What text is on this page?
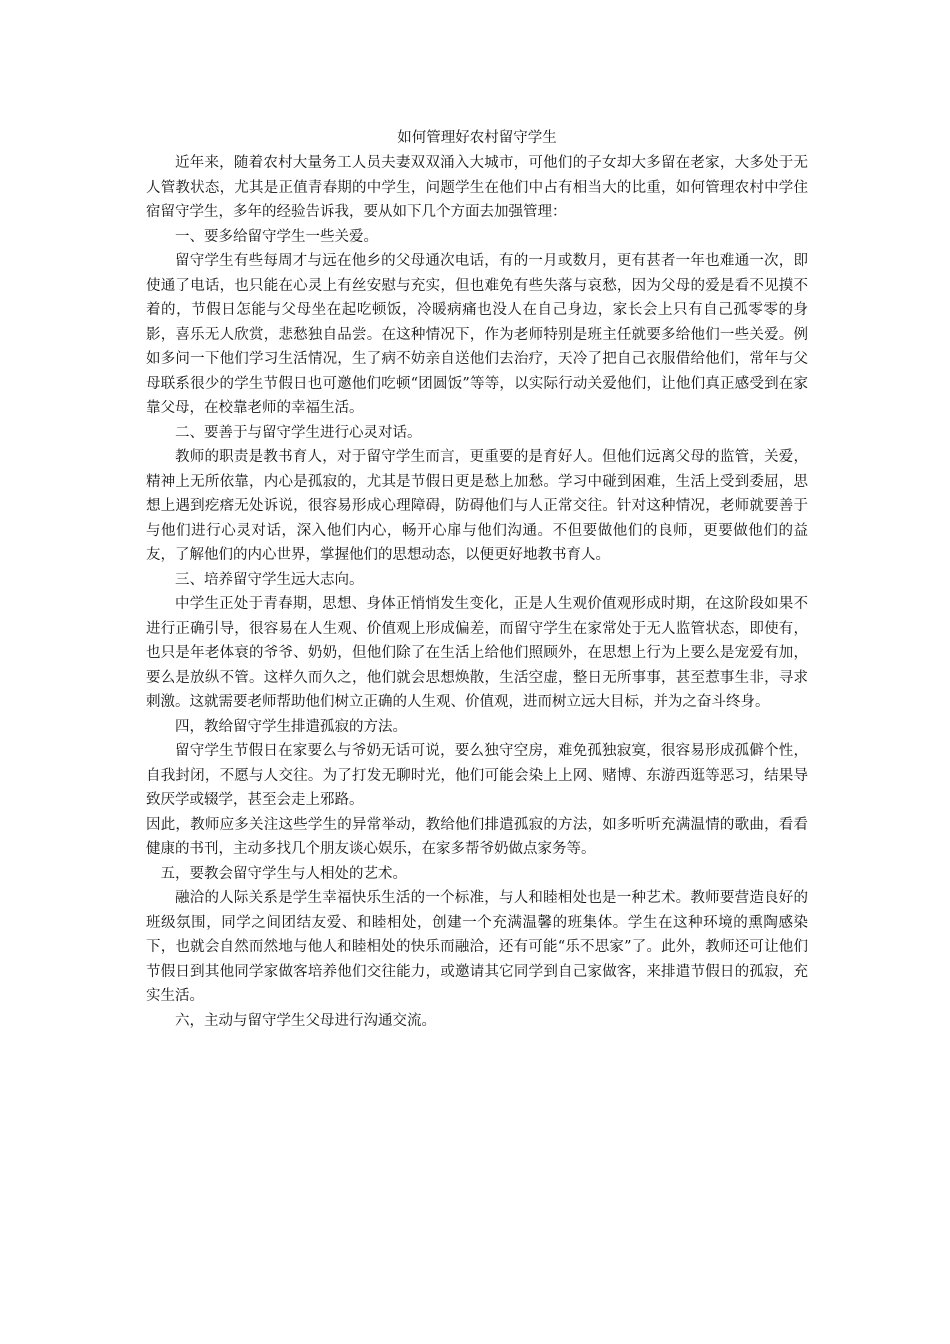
如何管理好农村留守学生

近年来，随着农村大量务工人员夫妻双双涌入大城市，可他们的子女却大多留在老家，大多处于无人管教状态，尤其是正值青春期的中学生，问题学生在他们中占有相当大的比重，如何管理农村中学住宿留守学生，多年的经验告诉我，要从如下几个方面去加强管理：

一、要多给留守学生一些关爱。

留守学生有些每周才与远在他乡的父母通次电话，有的一月或数月，更有甚者一年也难通一次，即使通了电话，也只能在心灵上有丝安慰与充实，但也难免有些失落与哀愁，因为父母的爱是看不见摸不着的，节假日怎能与父母坐在起吃顿饭，冷暖病痛也没人在自己身边，家长会上只有自己孤零零的身影，喜乐无人欣赏，悲愁独自品尝。在这种情况下，作为老师特别是班主任就要多给他们一些关爱。例如多问一下他们学习生活情况，生了病不妨亲自送他们去治疗，天冷了把自己衣服借给他们，常年与父母联系很少的学生节假日也可邀他们吃顿“团圆饭”等等，以实际行动关爱他们，让他们真正感受到在家靠父母，在校靠老师的幸福生活。

二、要善于与留守学生进行心灵对话。

教师的职责是教书育人，对于留守学生而言，更重要的是育好人。但他们远离父母的监管，关爱，精神上无所依靠，内心是孤寂的，尤其是节假日更是愁上加愁。学习中碰到困难，生活上受到委屈，思想上遇到疙瘩无处诉说，很容易形成心理障碍，防碍他们与人正常交往。针对这种情况，老师就要善于与他们进行心灵对话，深入他们内心，畅开心扉与他们沟通。不但要做他们的良师，更要做他们的益友，了解他们的内心世界，掌握他们的思想动态，以便更好地教书育人。

三、培养留守学生远大志向。

中学生正处于青春期，思想、身体正悄悄发生变化，正是人生观价值观形成时期，在这阶段如果不进行正确引导，很容易在人生观、价值观上形成偏差，而留守学生在家常处于无人监管状态，即使有，也只是年老体衰的爷爷、奶奶，但他们除了在生活上给他们照顾外，在思想上行为上要么是宠爱有加，要么是放纵不管。这样久而久之，他们就会思想焕散，生活空虚，整日无所事事，甚至惹事生非，寻求刺激。这就需要老师帮助他们树立正确的人生观、价值观，进而树立远大目标，并为之奋斗终身。

四，教给留守学生排遣孤寂的方法。

留守学生节假日在家要么与爷奶无话可说，要么独守空房，难免孤独寂寞，很容易形成孤僻个性，自我封闭，不愿与人交往。为了打发无聊时光，他们可能会染上上网、赌博、东游西逛等恶习，结果导致厌学或辍学，甚至会走上邪路。

因此，教师应多关注这些学生的异常举动，教给他们排遣孤寂的方法，如多听听充满温情的歌曲，看看健康的书刊，主动多找几个朋友谈心娱乐，在家多帮爷奶做点家务等。

五，要教会留守学生与人相处的艺术。

融洽的人际关系是学生幸福快乐生活的一个标准，与人和睦相处也是一种艺术。教师要营造良好的班级氛围，同学之间团结友爱、和睦相处，创建一个充满温馨的班集体。学生在这种环境的熏陶感染下，也就会自然而然地与他人和睦相处的快乐而融洽，还有可能“乐不思家”了。此外，教师还可让他们节假日到其他同学家做客培养他们交往能力，或邀请其它同学到自己家做客，来排遣节假日的孤寂，充实生活。

六，主动与留守学生父母进行沟通交流。
